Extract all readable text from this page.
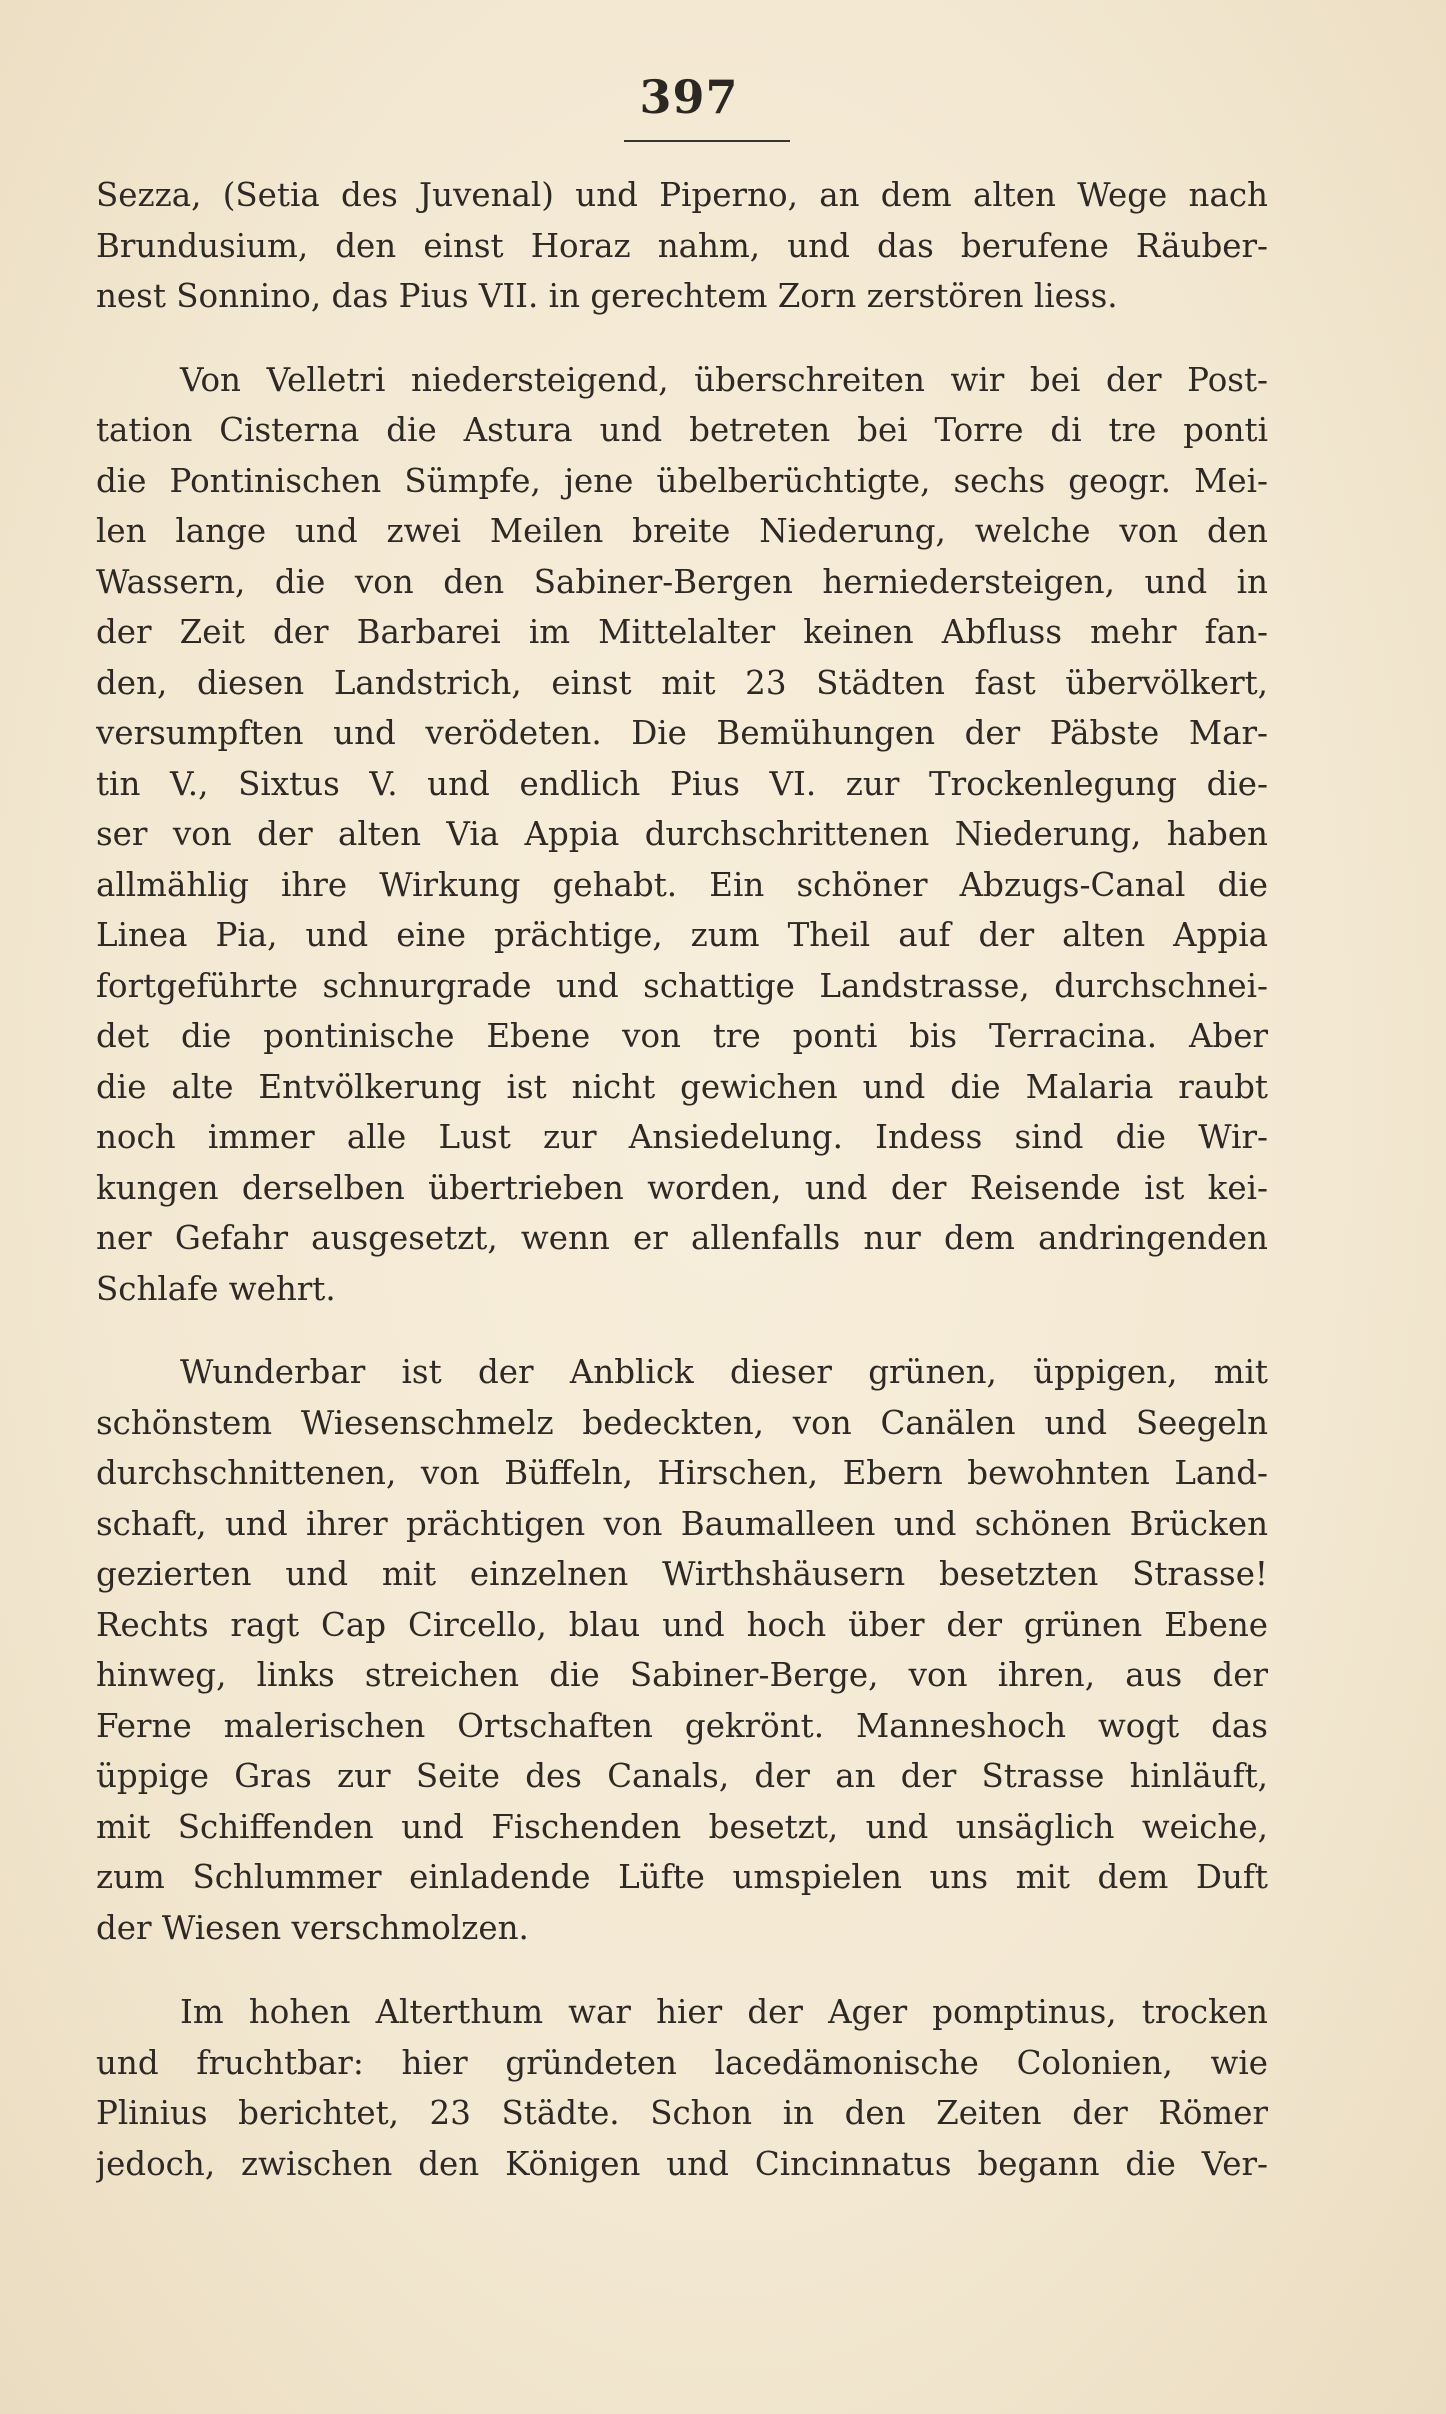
397
Sezza, (Setia des Juvenal) und Piperno, an dem alten Wege nach
Brundusium, den einst Horaz nahm, und das berufene Räuber-
nest Sonnino, das Pius VII. in gerechtem Zorn zerstören liess.
Von Velletri niedersteigend, überschreiten wir bei der Post-
tation Cisterna die Astura und betreten bei Torre di tre ponti
die Pontinischen Sümpfe, jene übelberüchtigte, sechs geogr. Mei-
len lange und zwei Meilen breite Niederung, welche von den
Wassern, die von den Sabiner-Bergen herniedersteigen, und in
der Zeit der Barbarei im Mittelalter keinen Abfluss mehr fan-
den, diesen Landstrich, einst mit 23 Städten fast übervölkert,
versumpften und verödeten. Die Bemühungen der Päbste Mar-
tin V., Sixtus V. und endlich Pius VI. zur Trockenlegung die-
ser von der alten Via Appia durchschrittenen Niederung, haben
allmählig ihre Wirkung gehabt. Ein schöner Abzugs-Canal die
Linea Pia, und eine prächtige, zum Theil auf der alten Appia
fortgeführte schnurgrade und schattige Landstrasse, durchschnei-
det die pontinische Ebene von tre ponti bis Terracina. Aber
die alte Entvölkerung ist nicht gewichen und die Malaria raubt
noch immer alle Lust zur Ansiedelung. Indess sind die Wir-
kungen derselben übertrieben worden, und der Reisende ist kei-
ner Gefahr ausgesetzt, wenn er allenfalls nur dem andringenden
Schlafe wehrt.
Wunderbar ist der Anblick dieser grünen, üppigen, mit
schönstem Wiesenschmelz bedeckten, von Canälen und Seegeln
durchschnittenen, von Büffeln, Hirschen, Ebern bewohnten Land-
schaft, und ihrer prächtigen von Baumalleen und schönen Brücken
gezierten und mit einzelnen Wirthshäusern besetzten Strasse!
Rechts ragt Cap Circello, blau und hoch über der grünen Ebene
hinweg, links streichen die Sabiner-Berge, von ihren, aus der
Ferne malerischen Ortschaften gekrönt. Manneshoch wogt das
üppige Gras zur Seite des Canals, der an der Strasse hinläuft,
mit Schiffenden und Fischenden besetzt, und unsäglich weiche,
zum Schlummer einladende Lüfte umspielen uns mit dem Duft
der Wiesen verschmolzen.
Im hohen Alterthum war hier der Ager pomptinus, trocken
und fruchtbar: hier gründeten lacedämonische Colonien, wie
Plinius berichtet, 23 Städte. Schon in den Zeiten der Römer
jedoch, zwischen den Königen und Cincinnatus begann die Ver-
